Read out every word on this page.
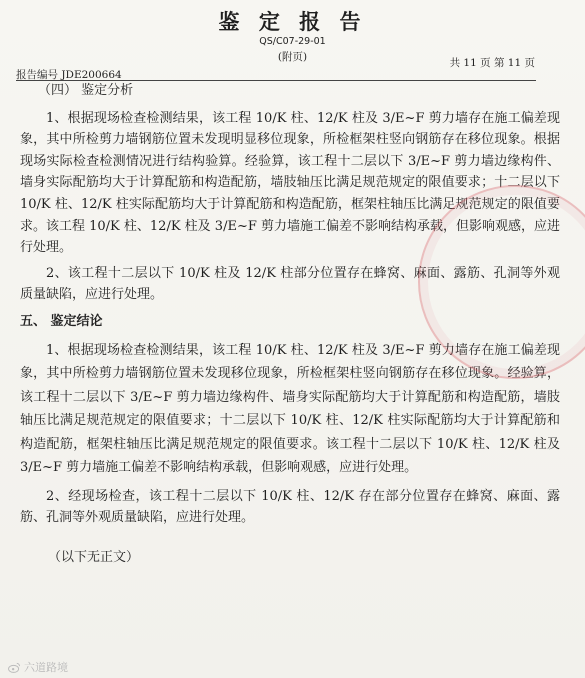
鉴 定 报 告
QS/C07-29-01
(附页)	共 11 页 第 11 页
报告编号 JDE200664
（四） 鉴定分析

1、根据现场检查检测结果，该工程 10/K 柱、12/K 柱及 3/E~F 剪力墙存在施工偏差现象，其中所检剪力墙钢筋位置未发现明显移位现象，所检框架柱竖向钢筋存在移位现象。根据现场实际检查检测情况进行结构验算。经验算，该工程十二层以下 3/E~F 剪力墙边缘构件、墙身实际配筋均大于计算配筋和构造配筋，墙肢轴压比满足规范规定的限值要求；十二层以下 10/K 柱、12/K 柱实际配筋均大于计算配筋和构造配筋，框架柱轴压比满足规范规定的限值要求。该工程 10/K 柱、12/K 柱及 3/E~F 剪力墙施工偏差不影响结构承载，但影响观感，应进行处理。

2、该工程十二层以下 10/K 柱及 12/K 柱部分位置存在蜂窝、麻面、露筋、孔洞等外观质量缺陷，应进行处理。

五、 鉴定结论

1、根据现场检查检测结果，该工程 10/K 柱、12/K 柱及 3/E~F 剪力墙存在施工偏差现象，其中所检剪力墙钢筋位置未发现移位现象，所检框架柱竖向钢筋存在移位现象。经验算，该工程十二层以下 3/E~F 剪力墙边缘构件、墙身实际配筋均大于计算配筋和构造配筋，墙肢轴压比满足规范规定的限值要求；十二层以下 10/K 柱、12/K 柱实际配筋均大于计算配筋和构造配筋，框架柱轴压比满足规范规定的限值要求。该工程十二层以下 10/K 柱、12/K 柱及 3/E~F 剪力墙施工偏差不影响结构承载，但影响观感，应进行处理。

2、经现场检查，该工程十二层以下 10/K 柱、12/K 存在部分位置存在蜂窝、麻面、露筋、孔洞等外观质量缺陷，应进行处理。

（以下无正文）

六道路境
